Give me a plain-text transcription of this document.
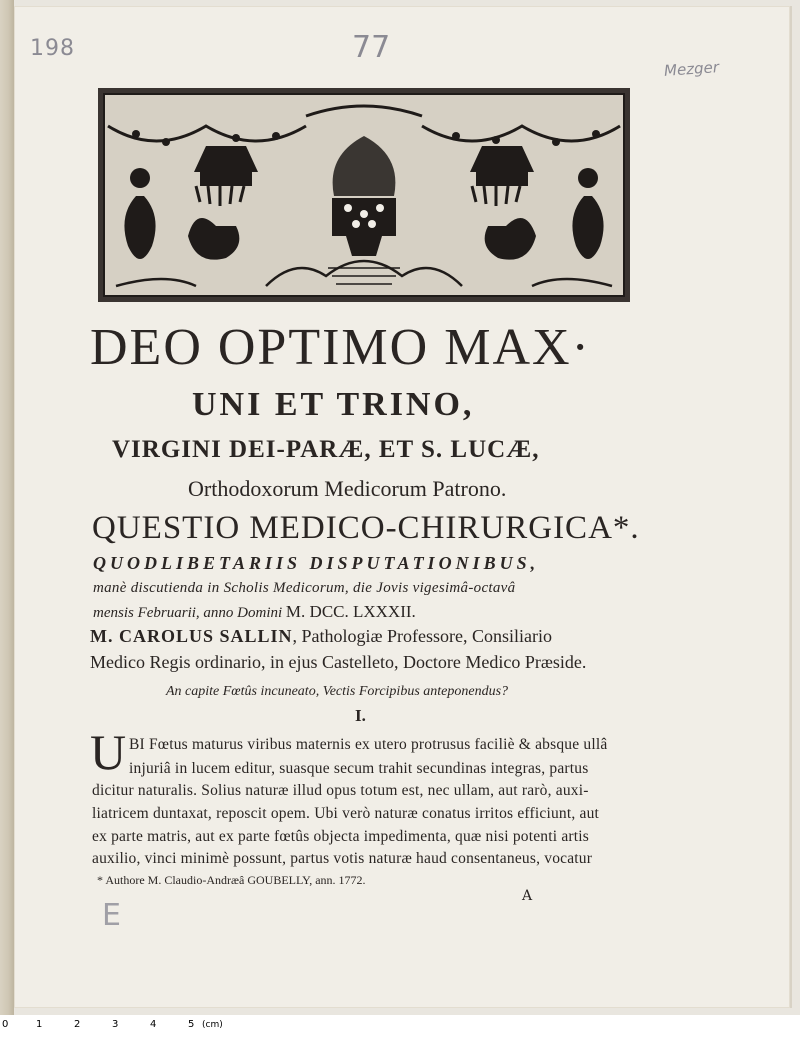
198	77
Mezger
E
DEO OPTIMO MAX·
UNI ET TRINO,
VIRGINI DEI-PARÆ, ET S. LUCÆ,
Orthodoxorum Medicorum Patrono.
QUESTIO MEDICO-CHIRURGICA*.
QUODLIBETARIIS DISPUTATIONIBUS,
manè discutienda in Scholis Medicorum, die Jovis vigesimâ-octavâ
mensis Februarii, anno Domini M. DCC. LXXXII.
M. CAROLUS SALLIN, Pathologiæ Professore, Consiliario
Medico Regis ordinario, in ejus Castelleto, Doctore Medico Præside.
An capite Fœtûs incuneato, Vectis Forcipibus anteponendus?
I.
U BI Fœtus maturus viribus maternis ex utero protrusus faciliè & absque ullâ
injuriâ in lucem editur, suasque secum trahit secundinas integras, partus
dicitur naturalis. Solius naturæ illud opus totum est, nec ullam, aut rarò, auxi-
liatricem duntaxat, reposcit opem. Ubi verò naturæ conatus irritos efficiunt, aut
ex parte matris, aut ex parte fœtûs objecta impedimenta, quæ nisi potenti artis
auxilio, vinci minimè possunt, partus votis naturæ haud consentaneus, vocatur
* Authore M. Claudio-Andræâ GOUBELLY, ann. 1772.
A
0	1	2	3	4	5 (cm)
